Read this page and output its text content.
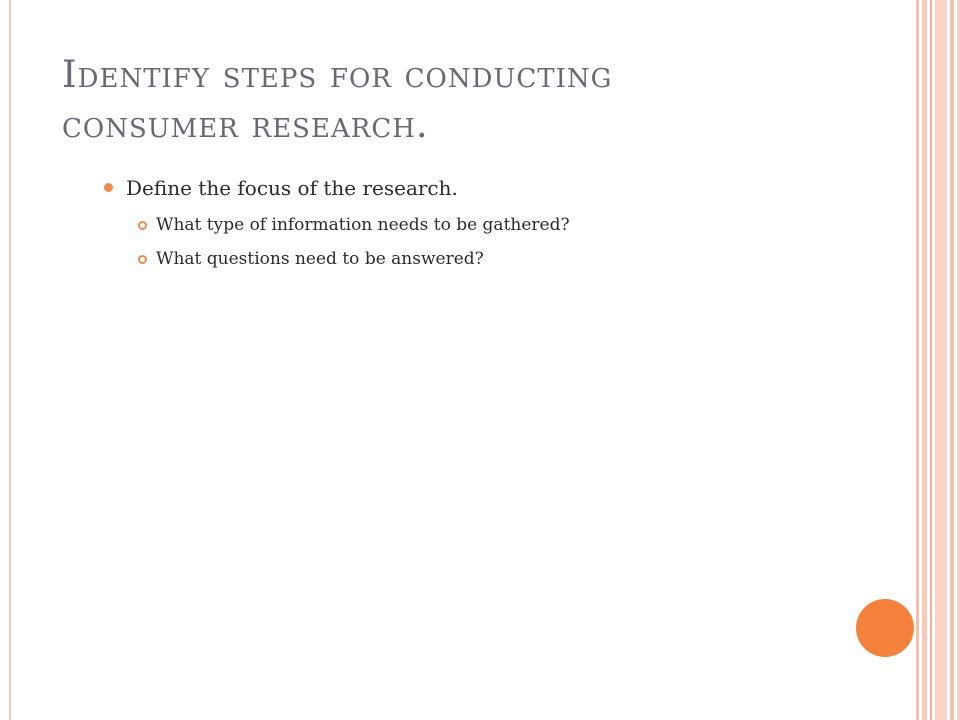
Identify steps for conducting
consumer research.
Define the focus of the research.
What type of information needs to be gathered?
What questions need to be answered?
